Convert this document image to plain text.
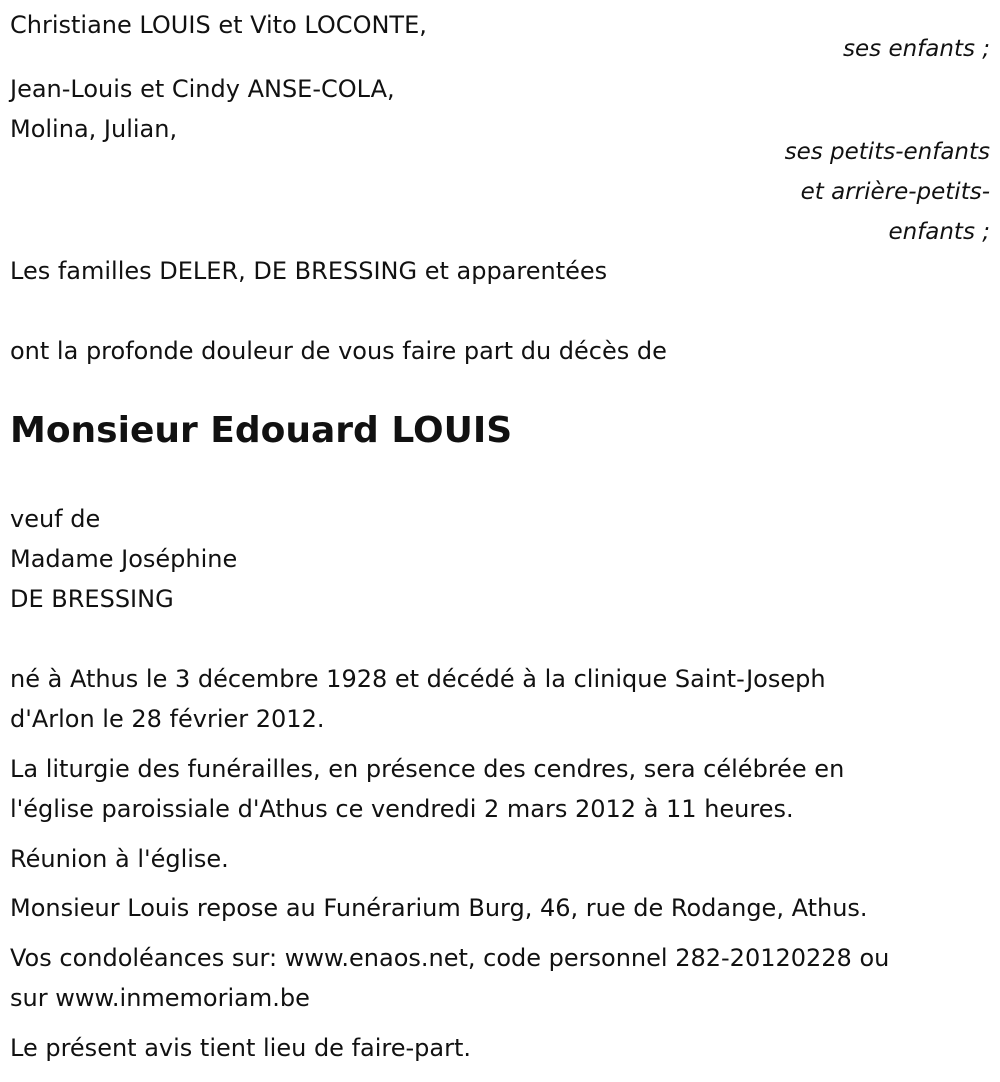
Christiane LOUIS et Vito LOCONTE,
ses enfants ;
Jean-Louis et Cindy ANSE-COLA,
Molina, Julian,
ses petits-enfants
et arrière-petits-
enfants ;
Les familles DELER, DE BRESSING et apparentées
ont la profonde douleur de vous faire part du décès de
Monsieur Edouard LOUIS
veuf de
Madame Joséphine
DE BRESSING
né à Athus le 3 décembre 1928 et décédé à la clinique Saint-Joseph
d'Arlon le 28 février 2012.
La liturgie des funérailles, en présence des cendres, sera célébrée en
l'église paroissiale d'Athus ce vendredi 2 mars 2012 à 11 heures.
Réunion à l'église.
Monsieur Louis repose au Funérarium Burg, 46, rue de Rodange, Athus.
Vos condoléances sur: www.enaos.net, code personnel 282-20120228 ou
sur www.inmemoriam.be
Le présent avis tient lieu de faire-part.
